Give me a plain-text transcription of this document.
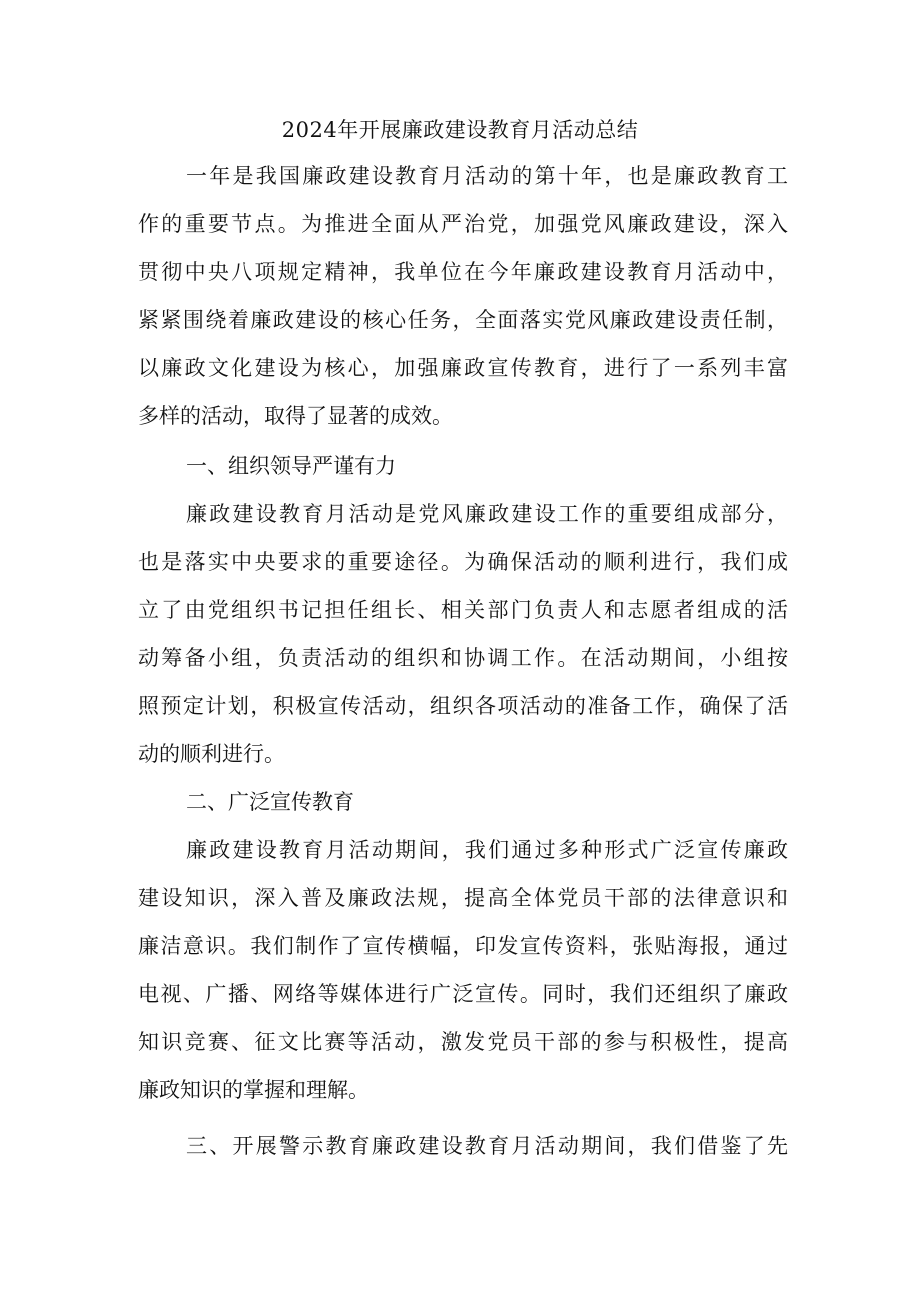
2024年开展廉政建设教育月活动总结
一年是我国廉政建设教育月活动的第十年，也是廉政教育工
作的重要节点。为推进全面从严治党，加强党风廉政建设，深入
贯彻中央八项规定精神，我单位在今年廉政建设教育月活动中，
紧紧围绕着廉政建设的核心任务，全面落实党风廉政建设责任制，
以廉政文化建设为核心，加强廉政宣传教育，进行了一系列丰富
多样的活动，取得了显著的成效。
一、组织领导严谨有力
廉政建设教育月活动是党风廉政建设工作的重要组成部分，
也是落实中央要求的重要途径。为确保活动的顺利进行，我们成
立了由党组织书记担任组长、相关部门负责人和志愿者组成的活
动筹备小组，负责活动的组织和协调工作。在活动期间，小组按
照预定计划，积极宣传活动，组织各项活动的准备工作，确保了活
动的顺利进行。
二、广泛宣传教育
廉政建设教育月活动期间，我们通过多种形式广泛宣传廉政
建设知识，深入普及廉政法规，提高全体党员干部的法律意识和
廉洁意识。我们制作了宣传横幅，印发宣传资料，张贴海报，通过
电视、广播、网络等媒体进行广泛宣传。同时，我们还组织了廉政
知识竞赛、征文比赛等活动，激发党员干部的参与积极性，提高
廉政知识的掌握和理解。
三、开展警示教育廉政建设教育月活动期间，我们借鉴了先
